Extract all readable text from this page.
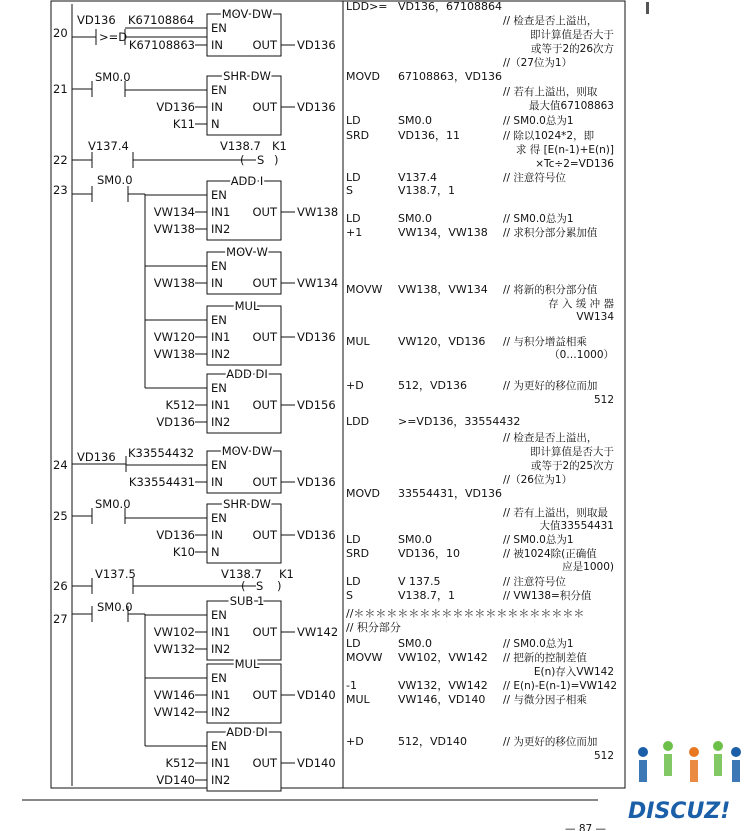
20
VD136 K67108864
>=D
MOV DW
EN
IN
K67108863	OUT VD136
21
SM0.0	SHR DW
EN
IN
VD136
N
K11
OUT VD136
22
V137.4	V138.7 K1
( S )
23
SM0.0	ADD I
EN
IN1
VW134
IN2
VW138
OUT VW138
MOV W
EN
IN
VW138	OUT VW134
MUL
EN
IN1
VW120
IN2
VW138
OUT VD136
ADD DI
EN
IN1
K512
IN2
VD136
OUT VD156
24
VD136	MOV DW
EN
K33554432
IN
K33554431	OUT VD136
25
SM0.0	SHR DW
EN
IN
VD136
N
K10
OUT VD136
26
V137.5	V138.7 K1
( S )
27
SM0.0	SUB 1
EN
IN1
VW102
IN2
VW132
OUT VW142
MUL
EN
IN1
VW146
IN2
VW142
OUT VD140
ADD DI
EN
IN1
K512
IN2
VD140
OUT VD140
LDD>= VD136，67108864
// 检查是否上溢出，
即计算值是否大于
或等于2的26次方
//（27位为1）
MOVD 67108863，VD136
// 若有上溢出，则取
最大值67108863
LD	SM0.0	// SM0.0总为1
SRD	VD136，11	// 除以1024*2，即
求 得 [E(n-1)+E(n)]
×Tc÷2=VD136
LD	V137.4	// 注意符号位
S	V138.7，1
LD	SM0.0	// SM0.0总为1
+1	VW134，VW138 // 求积分部分累加值
MOVW VW138，VW134 // 将新的积分部分值
存 入 缓 冲 器
VW134
MUL	VW120，VD136 // 与积分增益相乘
（0…1000）
+D	512，VD136	// 为更好的移位而加
512
LDD	>=VD136，33554432
// 检查是否上溢出，
即计算值是否大于
或等于2的25次方
//（26位为1）
MOVD 33554431，VD136
// 若有上溢出，则取最
大值33554431
LD	SM0.0	// SM0.0总为1
SRD	VD136，10	// 被1024除(正确值
应是1000)
LD	V 137.5	// 注意符号位
S	V138.7，1	// VW138=积分值
//＊＊＊＊＊＊＊＊＊＊＊＊＊＊＊＊＊＊＊＊＊
// 积分部分
LD	SM0.0	// SM0.0总为1
MOVW VW102，VW142 // 把新的控制差值
E(n)存入VW142
-1	VW132，VW142 // E(n)-E(n-1)=VW142
MUL	VW146，VD140 // 与微分因子相乘
+D	512，VD140	// 为更好的移位而加
512
— 87 —
DISCUZ!
